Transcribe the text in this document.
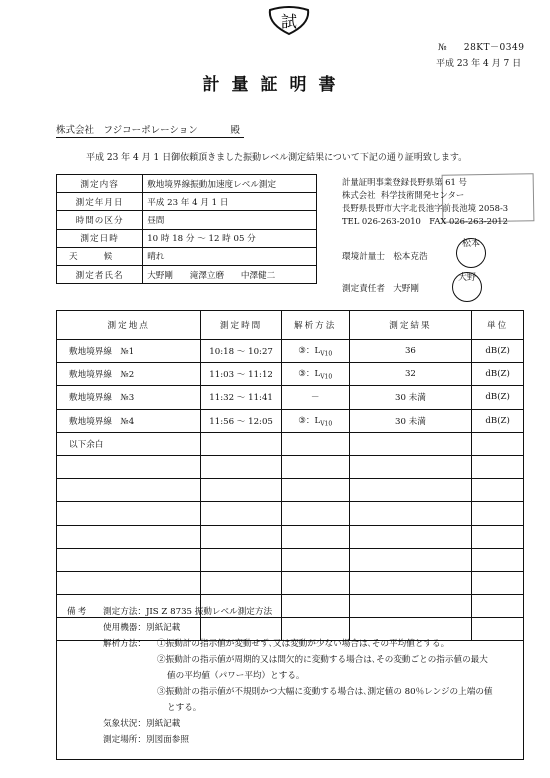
試
№ 28KT－0349
平成 23 年 4 月 7 日
計量証明書
株式会社　フジコーポレーション	殿
平成 23 年 4 月 1 日御依頼頂きました振動レベル測定結果について下記の通り証明致します。
測定内容	敷地境界線振動加速度レベル測定
測定年月日	平成 23 年 4 月 1 日
時間の区分	昼間
測定日時	10 時 18 分 ～ 12 時 05 分
天候	晴れ
測定者氏名	大野剛 滝澤立磨 中澤健二
計量証明事業登録長野県第 61 号
株式会社 科学技術開発センター
長野県長野市大字北長池字前長池境 2058-3
TEL 026-263-2010　FAX 026-263-2012
環境計量士 松本克浩
松本
測定責任者 大野剛
大野
測定地点	測定時間	解析方法	測定結果	単位
敷地境界線　№1	10:18 ～ 10:27	③：$L_{V10}$	36	dB(Z)
敷地境界線　№2	11:03 ～ 11:12	③：$L_{V10}$	32	dB(Z)
敷地境界線　№3	11:32 ～ 11:41	－	30 未満	dB(Z)
敷地境界線　№4	11:56 ～ 12:05	③：$L_{V10}$	30 未満	dB(Z)
以下余白				

備考 測定方法：JIS Z 8735 振動レベル測定方法
使用機器：別紙記載
解析方法： ①振動計の指示値が変動せず､又は変動が少ない場合は､その平均値とする。
②振動計の指示値が周期的又は間欠的に変動する場合は､その変動ごとの指示値の最大
値の平均値（パワー平均）とする。
③振動計の指示値が不規則かつ大幅に変動する場合は､測定値の 80％レンジの上端の値
とする。
気象状況：別紙記載
測定場所：別図面参照
